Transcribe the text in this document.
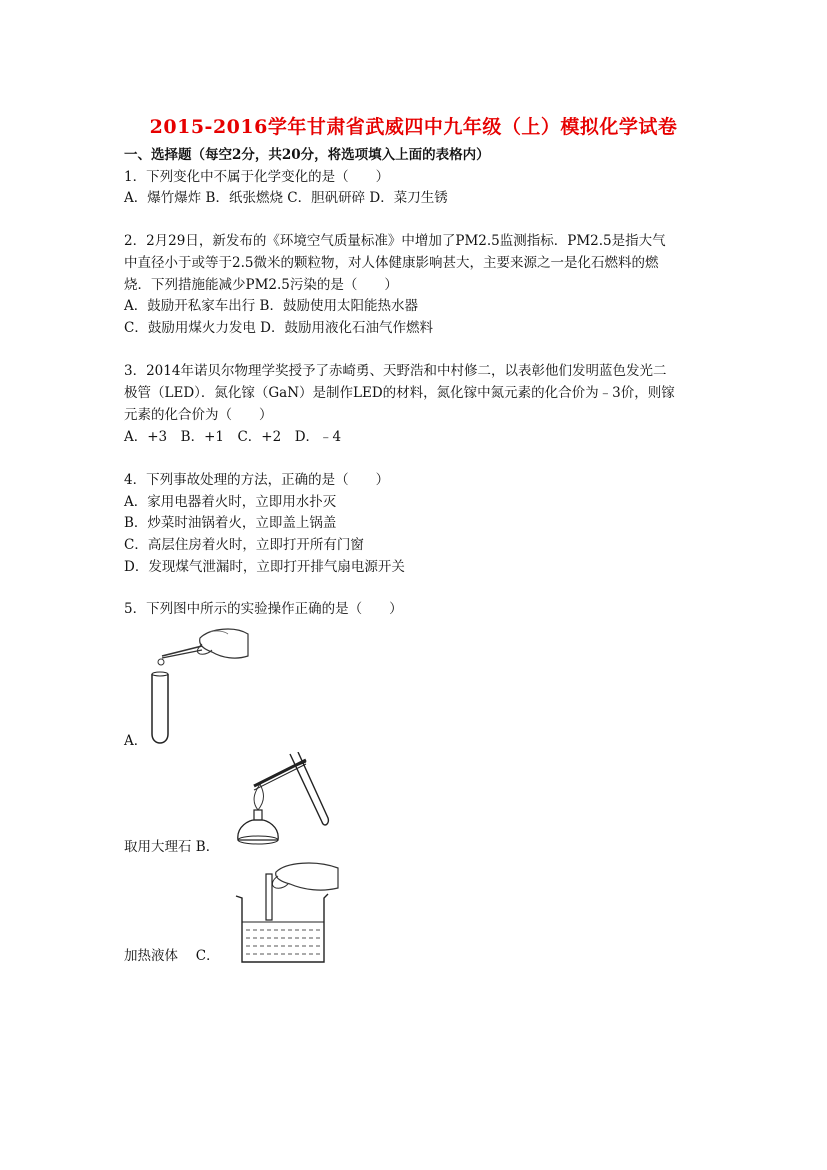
2015-2016学年甘肃省武威四中九年级（上）模拟化学试卷
一、选择题（每空2分，共20分，将选项填入上面的表格内）
1．下列变化中不属于化学变化的是（　　）
A．爆竹爆炸 B．纸张燃烧 C．胆矾研碎 D．菜刀生锈
2．2月29日，新发布的《环境空气质量标准》中增加了PM2.5监测指标．PM2.5是指大气
中直径小于或等于2.5微米的颗粒物，对人体健康影响甚大，主要来源之一是化石燃料的燃
烧．下列措施能减少PM2.5污染的是（　　）
A．鼓励开私家车出行 B．鼓励使用太阳能热水器
C．鼓励用煤火力发电 D．鼓励用液化石油气作燃料
3．2014年诺贝尔物理学奖授予了赤崎勇、天野浩和中村修二，以表彰他们发明蓝色发光二
极管（LED）．氮化镓（GaN）是制作LED的材料，氮化镓中氮元素的化合价为﹣3价，则镓
元素的化合价为（　　）
A．+3　B．+1　C．+2　D．﹣4
4．下列事故处理的方法，正确的是（　　）
A．家用电器着火时，立即用水扑灭
B．炒菜时油锅着火，立即盖上锅盖
C．高层住房着火时，立即打开所有门窗
D．发现煤气泄漏时，立即打开排气扇电源开关
5．下列图中所示的实验操作正确的是（　　）
A．
取用大理石 B．
加热液体　 C．
